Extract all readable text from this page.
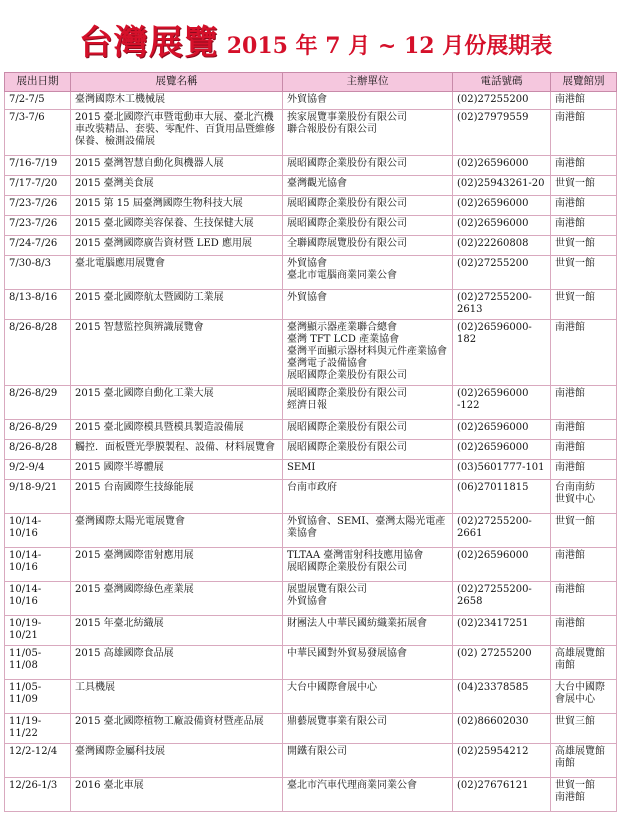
台灣展覽 2015 年 7 月 ~ 12 月份展期表
展出日期	展覽名稱	主辦單位	電話號碼	展覽館別
7/2-7/5	臺灣國際木工機械展	外貿協會	(02)27255200	南港館

7/3-7/6	2015 臺北國際汽車暨電動車大展、臺北汽機車改裝精品、套裝、零配件、百貨用品暨維修保養、檢測設備展	挨家展覽事業股份有限公司
聯合報股份有限公司	(02)27979559	南港館

7/16-7/19	2015 臺灣智慧自動化與機器人展	展昭國際企業股份有限公司	(02)26596000	南港館

7/17-7/20	2015 臺灣美食展	臺灣觀光協會	(02)25943261-20	世貿一館

7/23-7/26	2015 第 15 屆臺灣國際生物科技大展	展昭國際企業股份有限公司	(02)26596000	南港館

7/23-7/26	2015 臺北國際美容保養、生技保健大展	展昭國際企業股份有限公司	(02)26596000	南港館

7/24-7/26	2015 臺灣國際廣告資材暨 LED 應用展	全聯國際展覽股份有限公司	(02)22260808	世貿一館

7/30-8/3	臺北電腦應用展覽會	外貿協會
臺北市電腦商業同業公會	(02)27255200	世貿一館

8/13-8/16	2015 臺北國際航太暨國防工業展	外貿協會	(02)27255200-2613	世貿一館

8/26-8/28	2015 智慧監控與辨識展覽會	臺灣顯示器產業聯合總會
臺灣 TFT LCD 產業協會
臺灣平面顯示器材料與元件產業協會
臺灣電子設備協會
展昭國際企業股份有限公司	(02)26596000-182	南港館

8/26-8/29	2015 臺北國際自動化工業大展	展昭國際企業股份有限公司
經濟日報	(02)26596000 -122	南港館

8/26-8/29	2015 臺北國際模具暨模具製造設備展	展昭國際企業股份有限公司	(02)26596000	南港館

8/26-8/28	觸控．面板暨光學膜製程、設備、材料展覽會	展昭國際企業股份有限公司	(02)26596000	南港館

9/2-9/4	2015 國際半導體展	SEMI	(03)5601777-101	南港館

9/18-9/21	2015 台南國際生技綠能展	台南市政府	(06)27011815	台南南紡
世貿中心

10/14-10/16	臺灣國際太陽光電展覽會	外貿協會、SEMI、臺灣太陽光電產
業協會	(02)27255200-2661	世貿一館

10/14-10/16	2015 臺灣國際雷射應用展	TLTAA 臺灣雷射科技應用協會
展昭國際企業股份有限公司	(02)26596000	南港館

10/14-10/16	2015 臺灣國際綠色產業展	展盟展覽有限公司
外貿協會	(02)27255200-2658	南港館

10/19-10/21	2015 年臺北紡織展	財團法人中華民國紡織業拓展會	(02)23417251	南港館

11/05-11/08	2015 高雄國際食品展	中華民國對外貿易發展協會	(02) 27255200	高雄展覽館
南館

11/05-11/09	工具機展	大台中國際會展中心	(04)23378585	大台中國際
會展中心

11/19-11/22	2015 臺北國際植物工廠設備資材暨產品展	鼎藝展覽事業有限公司	(02)86602030	世貿三館

12/2-12/4	臺灣國際金屬科技展	開鐵有限公司	(02)25954212	高雄展覽館
南館

12/26-1/3	2016 臺北車展	臺北市汽車代理商業同業公會	(02)27676121	世貿一館
南港館
